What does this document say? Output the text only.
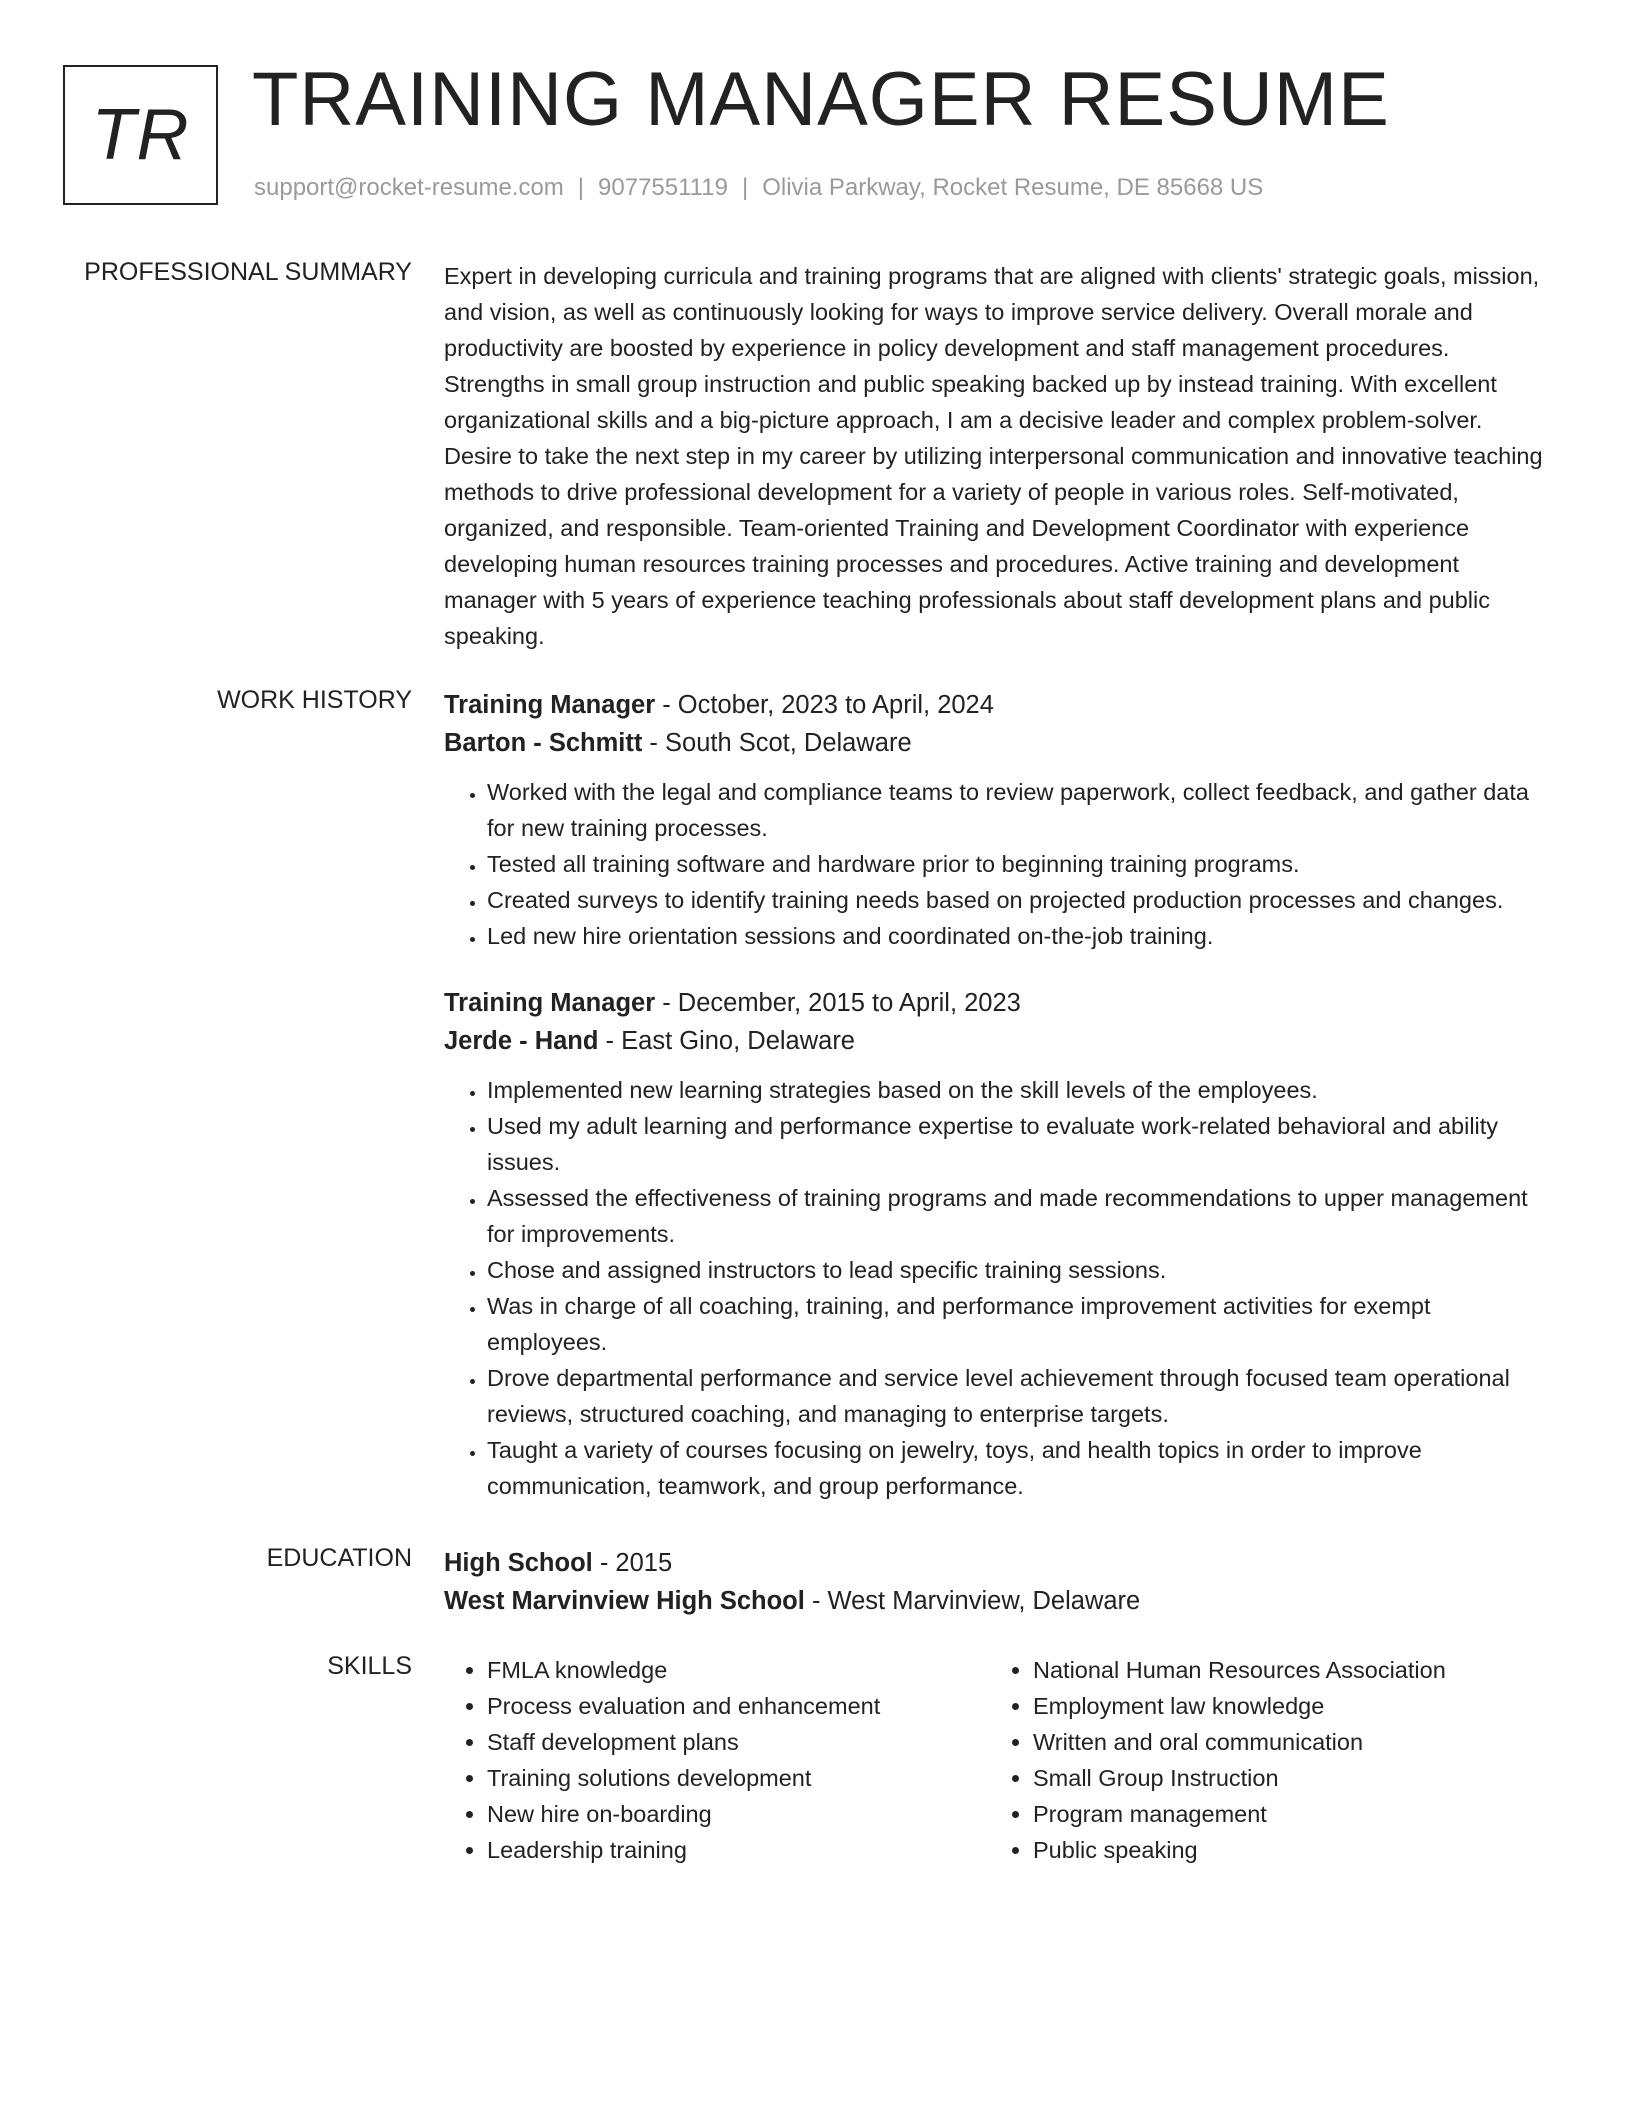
TR TRAINING MANAGER RESUME
support@rocket-resume.com | 9077551119 | Olivia Parkway, Rocket Resume, DE 85668 US
PROFESSIONAL SUMMARY Expert in developing curricula and training programs that are aligned with clients' strategic goals, mission, and vision, as well as continuously looking for ways to improve service delivery. Overall morale and productivity are boosted by experience in policy development and staff management procedures. Strengths in small group instruction and public speaking backed up by instead training. With excellent organizational skills and a big-picture approach, I am a decisive leader and complex problem-solver. Desire to take the next step in my career by utilizing interpersonal communication and innovative teaching methods to drive professional development for a variety of people in various roles. Self-motivated, organized, and responsible. Team-oriented Training and Development Coordinator with experience developing human resources training processes and procedures. Active training and development manager with 5 years of experience teaching professionals about staff development plans and public speaking.
WORK HISTORY Training Manager - October, 2023 to April, 2024
Barton - Schmitt - South Scot, Delaware
• Worked with the legal and compliance teams to review paperwork, collect feedback, and gather data for new training processes.
• Tested all training software and hardware prior to beginning training programs.
• Created surveys to identify training needs based on projected production processes and changes.
• Led new hire orientation sessions and coordinated on-the-job training.
Training Manager - December, 2015 to April, 2023
Jerde - Hand - East Gino, Delaware
• Implemented new learning strategies based on the skill levels of the employees.
• Used my adult learning and performance expertise to evaluate work-related behavioral and ability issues.
• Assessed the effectiveness of training programs and made recommendations to upper management for improvements.
• Chose and assigned instructors to lead specific training sessions.
• Was in charge of all coaching, training, and performance improvement activities for exempt employees.
• Drove departmental performance and service level achievement through focused team operational reviews, structured coaching, and managing to enterprise targets.
• Taught a variety of courses focusing on jewelry, toys, and health topics in order to improve communication, teamwork, and group performance.
EDUCATION High School - 2015
West Marvinview High School - West Marvinview, Delaware
SKILLS
•	FMLA knowledge
• Process evaluation and enhancement
• Staff development plans
• Training solutions development
• New hire on-boarding
• Leadership training
• National Human Resources Association
• Employment law knowledge
• Written and oral communication
• Small Group Instruction
• Program management
• Public speaking
